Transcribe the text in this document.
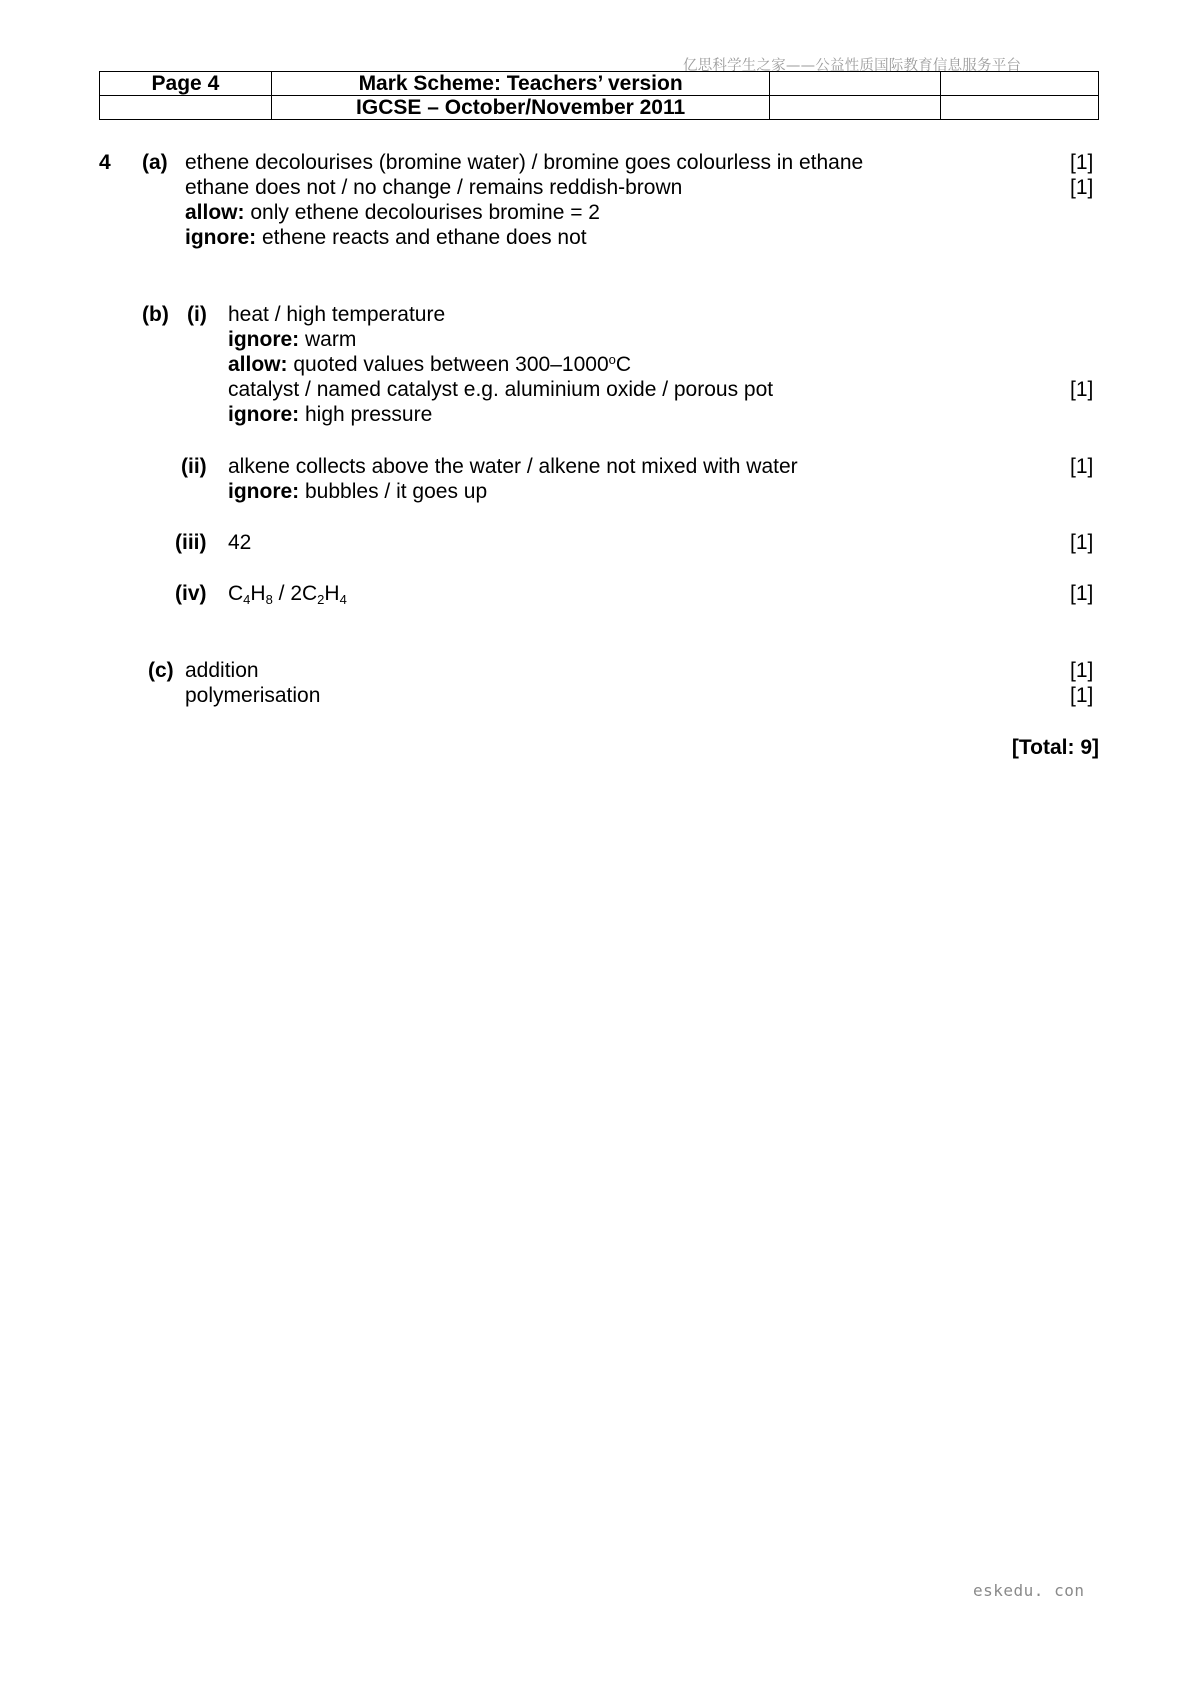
亿思科学生之家——公益性质国际教育信息服务平台
Page 4	Mark Scheme: Teachers’ version		
	IGCSE – October/November 2011		
4 (a) ethene decolourises (bromine water) / bromine goes colourless in ethane	[1]
ethane does not / no change / remains reddish-brown	[1]
allow: only ethene decolourises bromine = 2
ignore: ethene reacts and ethane does not
(b) (i) heat / high temperature
ignore: warm
allow: quoted values between 300–1000$^o$C
catalyst / named catalyst e.g. aluminium oxide / porous pot	[1]
ignore: high pressure
(ii) alkene collects above the water / alkene not mixed with water	[1]
ignore: bubbles / it goes up
(iii) 42	[1]
(iv) $C_4H_8 / 2C_2H_4$	[1]
(c) addition	[1]
polymerisation	[1]
[Total: 9]
eskedu. con
